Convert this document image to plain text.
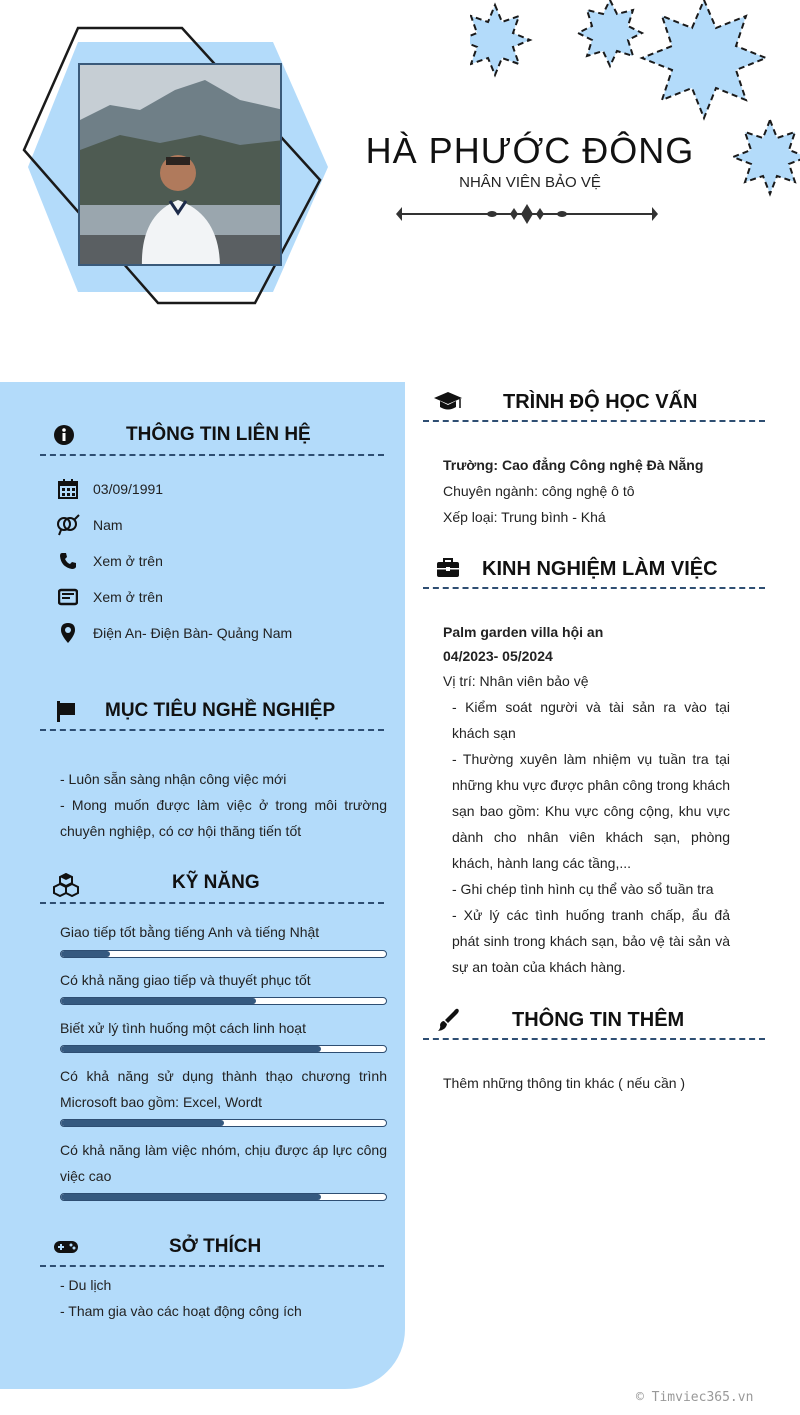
HÀ PHƯỚC ĐÔNG
NHÂN VIÊN BẢO VỆ
THÔNG TIN LIÊN HỆ
03/09/1991
Nam
Xem ở trên
Xem ở trên
Điện An- Điện Bàn- Quảng Nam
MỤC TIÊU NGHỀ NGHIỆP
- Luôn sẵn sàng nhận công việc mới
- Mong muốn được làm việc ở trong môi trường chuyên nghiệp, có cơ hội thăng tiến tốt
KỸ NĂNG
Giao tiếp tốt bằng tiếng Anh và tiếng Nhật
Có khả năng giao tiếp và thuyết phục tốt
Biết xử lý tình huống một cách linh hoạt
Có khả năng sử dụng thành thạo chương trình Microsoft bao gồm: Excel, Wordt
Có khả năng làm việc nhóm, chịu được áp lực công việc cao
SỞ THÍCH
- Du lịch
- Tham gia vào các hoạt động công ích
TRÌNH ĐỘ HỌC VẤN
Trường: Cao đẳng Công nghệ Đà Nẵng
Chuyên ngành: công nghệ ô tô
Xếp loại: Trung bình - Khá
KINH NGHIỆM LÀM VIỆC
Palm garden villa hội an
04/2023- 05/2024
Vị trí: Nhân viên bảo vệ
- Kiểm soát người và tài sản ra vào tại khách sạn
- Thường xuyên làm nhiệm vụ tuần tra tại những khu vực được phân công trong khách sạn bao gồm: Khu vực công cộng, khu vực dành cho nhân viên khách sạn, phòng khách, hành lang các tầng,...
- Ghi chép tình hình cụ thể vào sổ tuần tra
- Xử lý các tình huống tranh chấp, ẩu đả phát sinh trong khách sạn, bảo vệ tài sản và sự an toàn của khách hàng.
THÔNG TIN THÊM
Thêm những thông tin khác ( nếu cần )
© Timviec365.vn
